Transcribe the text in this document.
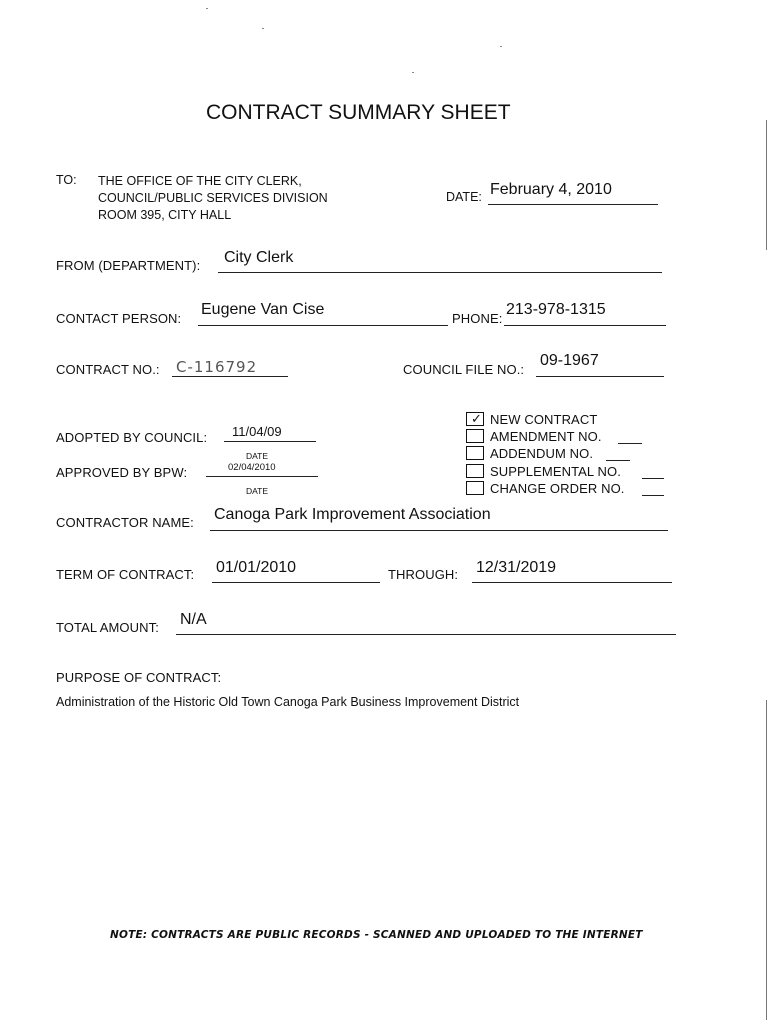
CONTRACT SUMMARY SHEET
TO: THE OFFICE OF THE CITY CLERK,
COUNCIL/PUBLIC SERVICES DIVISION
ROOM 395, CITY HALL
DATE: February 4, 2010
FROM (DEPARTMENT): City Clerk
CONTACT PERSON:
Eugene Van Cise
PHONE:
213-978-1315
CONTRACT NO.: C-116792	COUNCIL FILE NO.:
09-1967
ADOPTED BY COUNCIL: 11/04/09
DATE
APPROVED BY BPW:	02/04/2010
DATE
✓ NEW CONTRACT
AMENDMENT NO.
ADDENDUM NO.
SUPPLEMENTAL NO.
CHANGE ORDER NO.
CONTRACTOR NAME: Canoga Park Improvement Association
TERM OF CONTRACT: 01/01/2010	THROUGH: 12/31/2019
TOTAL AMOUNT: N/A
PURPOSE OF CONTRACT:
Administration of the Historic Old Town Canoga Park Business Improvement District
NOTE: CONTRACTS ARE PUBLIC RECORDS - SCANNED AND UPLOADED TO THE INTERNET
